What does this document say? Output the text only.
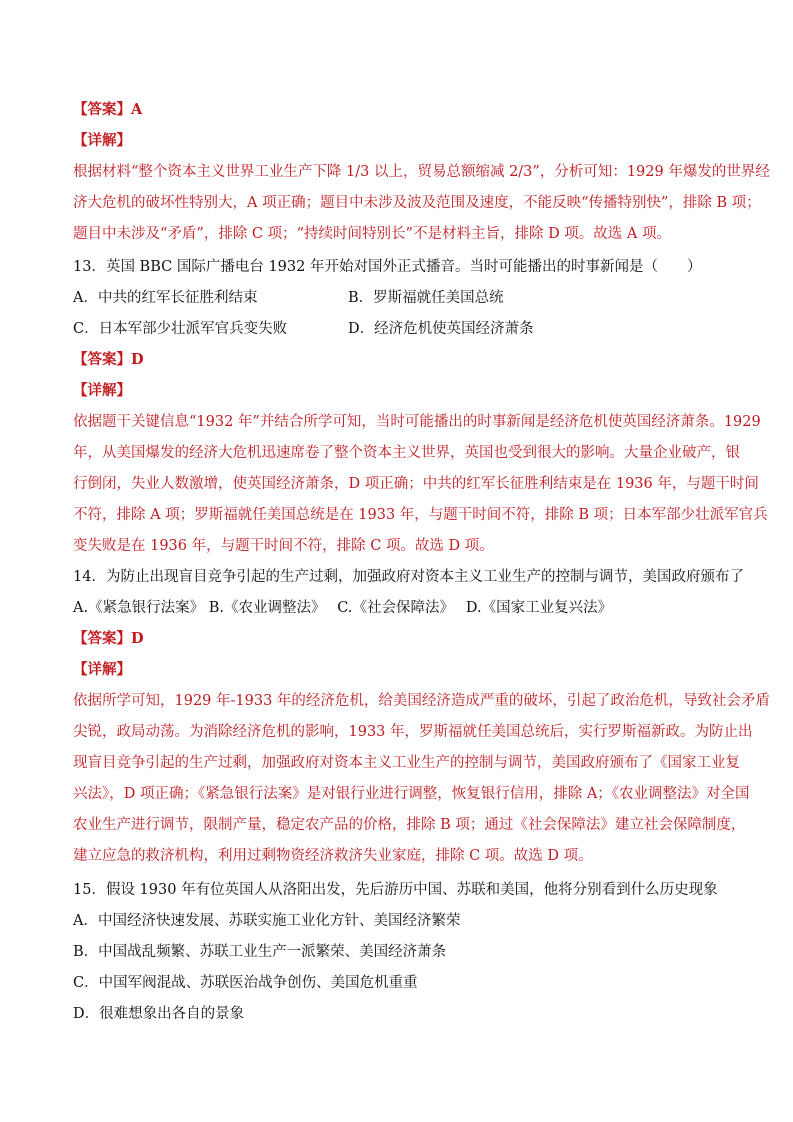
【答案】A
【详解】
根据材料“整个资本主义世界工业生产下降 1/3 以上，贸易总额缩减 2/3”，分析可知：1929 年爆发的世界经
济大危机的破坏性特别大，A 项正确；题目中未涉及波及范围及速度，不能反映“传播特别快”，排除 B 项；
题目中未涉及“矛盾”，排除 C 项；“持续时间特别长”不是材料主旨，排除 D 项。故选 A 项。
13．英国 BBC 国际广播电台 1932 年开始对国外正式播音。当时可能播出的时事新闻是（　　）
A．中共的红军长征胜利结束	B．罗斯福就任美国总统
C．日本军部少壮派军官兵变失败	D．经济危机使英国经济萧条
【答案】D
【详解】
依据题干关键信息“1932 年”并结合所学可知，当时可能播出的时事新闻是经济危机使英国经济萧条。1929
年，从美国爆发的经济大危机迅速席卷了整个资本主义世界，英国也受到很大的影响。大量企业破产，银
行倒闭，失业人数激增，使英国经济萧条，D 项正确；中共的红军长征胜利结束是在 1936 年，与题干时间
不符，排除 A 项；罗斯福就任美国总统是在 1933 年，与题干时间不符，排除 B 项；日本军部少壮派军官兵
变失败是在 1936 年，与题干时间不符，排除 C 项。故选 D 项。
14．为防止出现盲目竞争引起的生产过剩，加强政府对资本主义工业生产的控制与调节，美国政府颁布了
A.《紧急银行法案》 B.《农业调整法》　 C.《社会保障法》　 D.《国家工业复兴法》
【答案】D
【详解】
依据所学可知，1929 年-1933 年的经济危机，给美国经济造成严重的破坏，引起了政治危机，导致社会矛盾
尖锐，政局动荡。为消除经济危机的影响，1933 年，罗斯福就任美国总统后，实行罗斯福新政。为防止出
现盲目竞争引起的生产过剩，加强政府对资本主义工业生产的控制与调节，美国政府颁布了《国家工业复
兴法》，D 项正确；《紧急银行法案》是对银行业进行调整，恢复银行信用，排除 A；《农业调整法》对全国
农业生产进行调节，限制产量，稳定农产品的价格，排除 B 项；通过《社会保障法》建立社会保障制度，
建立应急的救济机构，利用过剩物资经济救济失业家庭，排除 C 项。故选 D 项。
15．假设 1930 年有位英国人从洛阳出发，先后游历中国、苏联和美国，他将分别看到什么历史现象
A．中国经济快速发展、苏联实施工业化方针、美国经济繁荣
B．中国战乱频繁、苏联工业生产一派繁荣、美国经济萧条
C．中国军阀混战、苏联医治战争创伤、美国危机重重
D．很难想象出各自的景象
